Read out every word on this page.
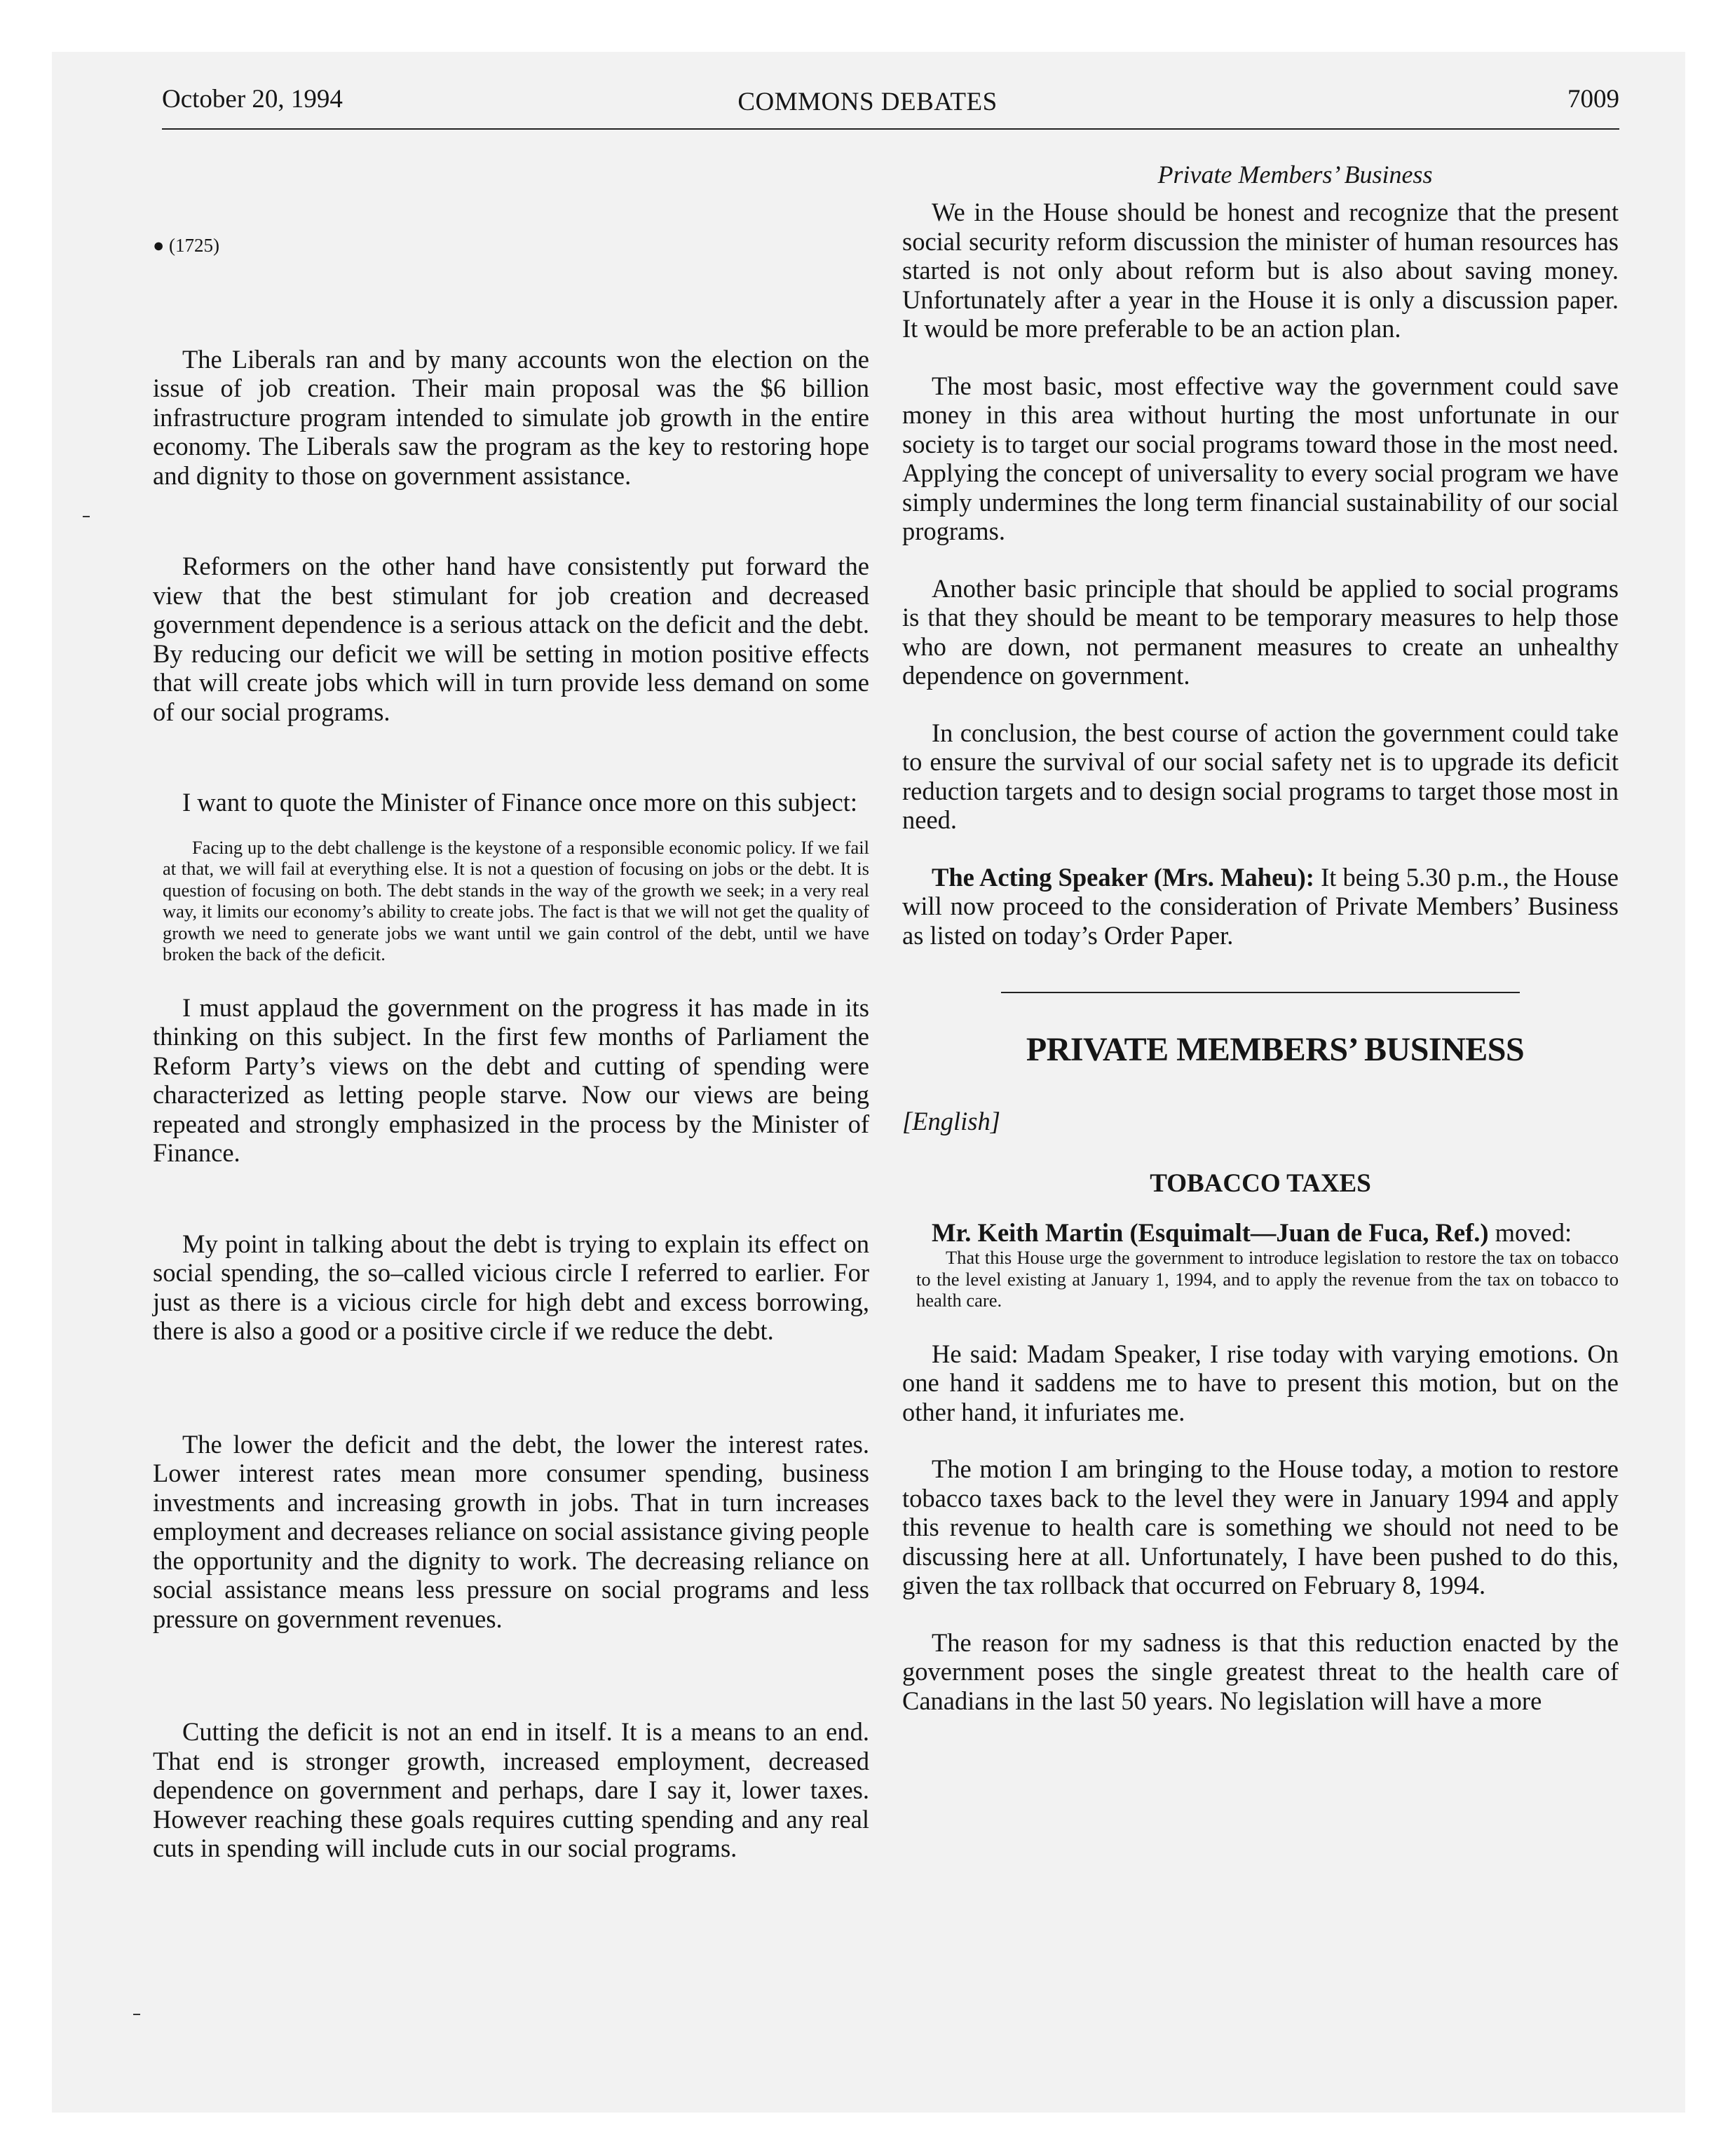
October 20, 1994	COMMONS DEBATES	7009
Private Members’ Business

● (1725)

The Liberals ran and by many accounts won the election on the issue of job creation. Their main proposal was the $6 billion infrastructure program intended to simulate job growth in the entire economy. The Liberals saw the program as the key to restoring hope and dignity to those on government assistance.

Reformers on the other hand have consistently put forward the view that the best stimulant for job creation and decreased government dependence is a serious attack on the deficit and the debt. By reducing our deficit we will be setting in motion positive effects that will create jobs which will in turn provide less demand on some of our social programs.

I want to quote the Minister of Finance once more on this subject:

Facing up to the debt challenge is the keystone of a responsible economic policy. If we fail at that, we will fail at everything else. It is not a question of focusing on jobs or the debt. It is question of focusing on both. The debt stands in the way of the growth we seek; in a very real way, it limits our economy’s ability to create jobs. The fact is that we will not get the quality of growth we need to generate jobs we want until we gain control of the debt, until we have broken the back of the deficit.

I must applaud the government on the progress it has made in its thinking on this subject. In the first few months of Parliament the Reform Party’s views on the debt and cutting of spending were characterized as letting people starve. Now our views are being repeated and strongly emphasized in the process by the Minister of Finance.

My point in talking about the debt is trying to explain its effect on social spending, the so–called vicious circle I referred to earlier. For just as there is a vicious circle for high debt and excess borrowing, there is also a good or a positive circle if we reduce the debt.

The lower the deficit and the debt, the lower the interest rates. Lower interest rates mean more consumer spending, business investments and increasing growth in jobs. That in turn increases employment and decreases reliance on social assistance giving people the opportunity and the dignity to work. The decreasing reliance on social assistance means less pressure on social programs and less pressure on government revenues.

Cutting the deficit is not an end in itself. It is a means to an end. That end is stronger growth, increased employment, decreased dependence on government and perhaps, dare I say it, lower taxes. However reaching these goals requires cutting spending and any real cuts in spending will include cuts in our social programs.

We in the House should be honest and recognize that the present social security reform discussion the minister of human resources has started is not only about reform but is also about saving money. Unfortunately after a year in the House it is only a discussion paper. It would be more preferable to be an action plan.

The most basic, most effective way the government could save money in this area without hurting the most unfortunate in our society is to target our social programs toward those in the most need. Applying the concept of universality to every social program we have simply undermines the long term financial sustainability of our social programs.

Another basic principle that should be applied to social programs is that they should be meant to be temporary measures to help those who are down, not permanent measures to create an unhealthy dependence on government.

In conclusion, the best course of action the government could take to ensure the survival of our social safety net is to upgrade its deficit reduction targets and to design social programs to target those most in need.

The Acting Speaker (Mrs. Maheu): It being 5.30 p.m., the House will now proceed to the consideration of Private Members’ Business as listed on today’s Order Paper.

PRIVATE MEMBERS’ BUSINESS

[English]

TOBACCO TAXES

Mr. Keith Martin (Esquimalt—Juan de Fuca, Ref.) moved:

That this House urge the government to introduce legislation to restore the tax on tobacco to the level existing at January 1, 1994, and to apply the revenue from the tax on tobacco to health care.

He said: Madam Speaker, I rise today with varying emotions. On one hand it saddens me to have to present this motion, but on the other hand, it infuriates me.

The motion I am bringing to the House today, a motion to restore tobacco taxes back to the level they were in January 1994 and apply this revenue to health care is something we should not need to be discussing here at all. Unfortunately, I have been pushed to do this, given the tax rollback that occurred on February 8, 1994.

The reason for my sadness is that this reduction enacted by the government poses the single greatest threat to the health care of Canadians in the last 50 years. No legislation will have a more
